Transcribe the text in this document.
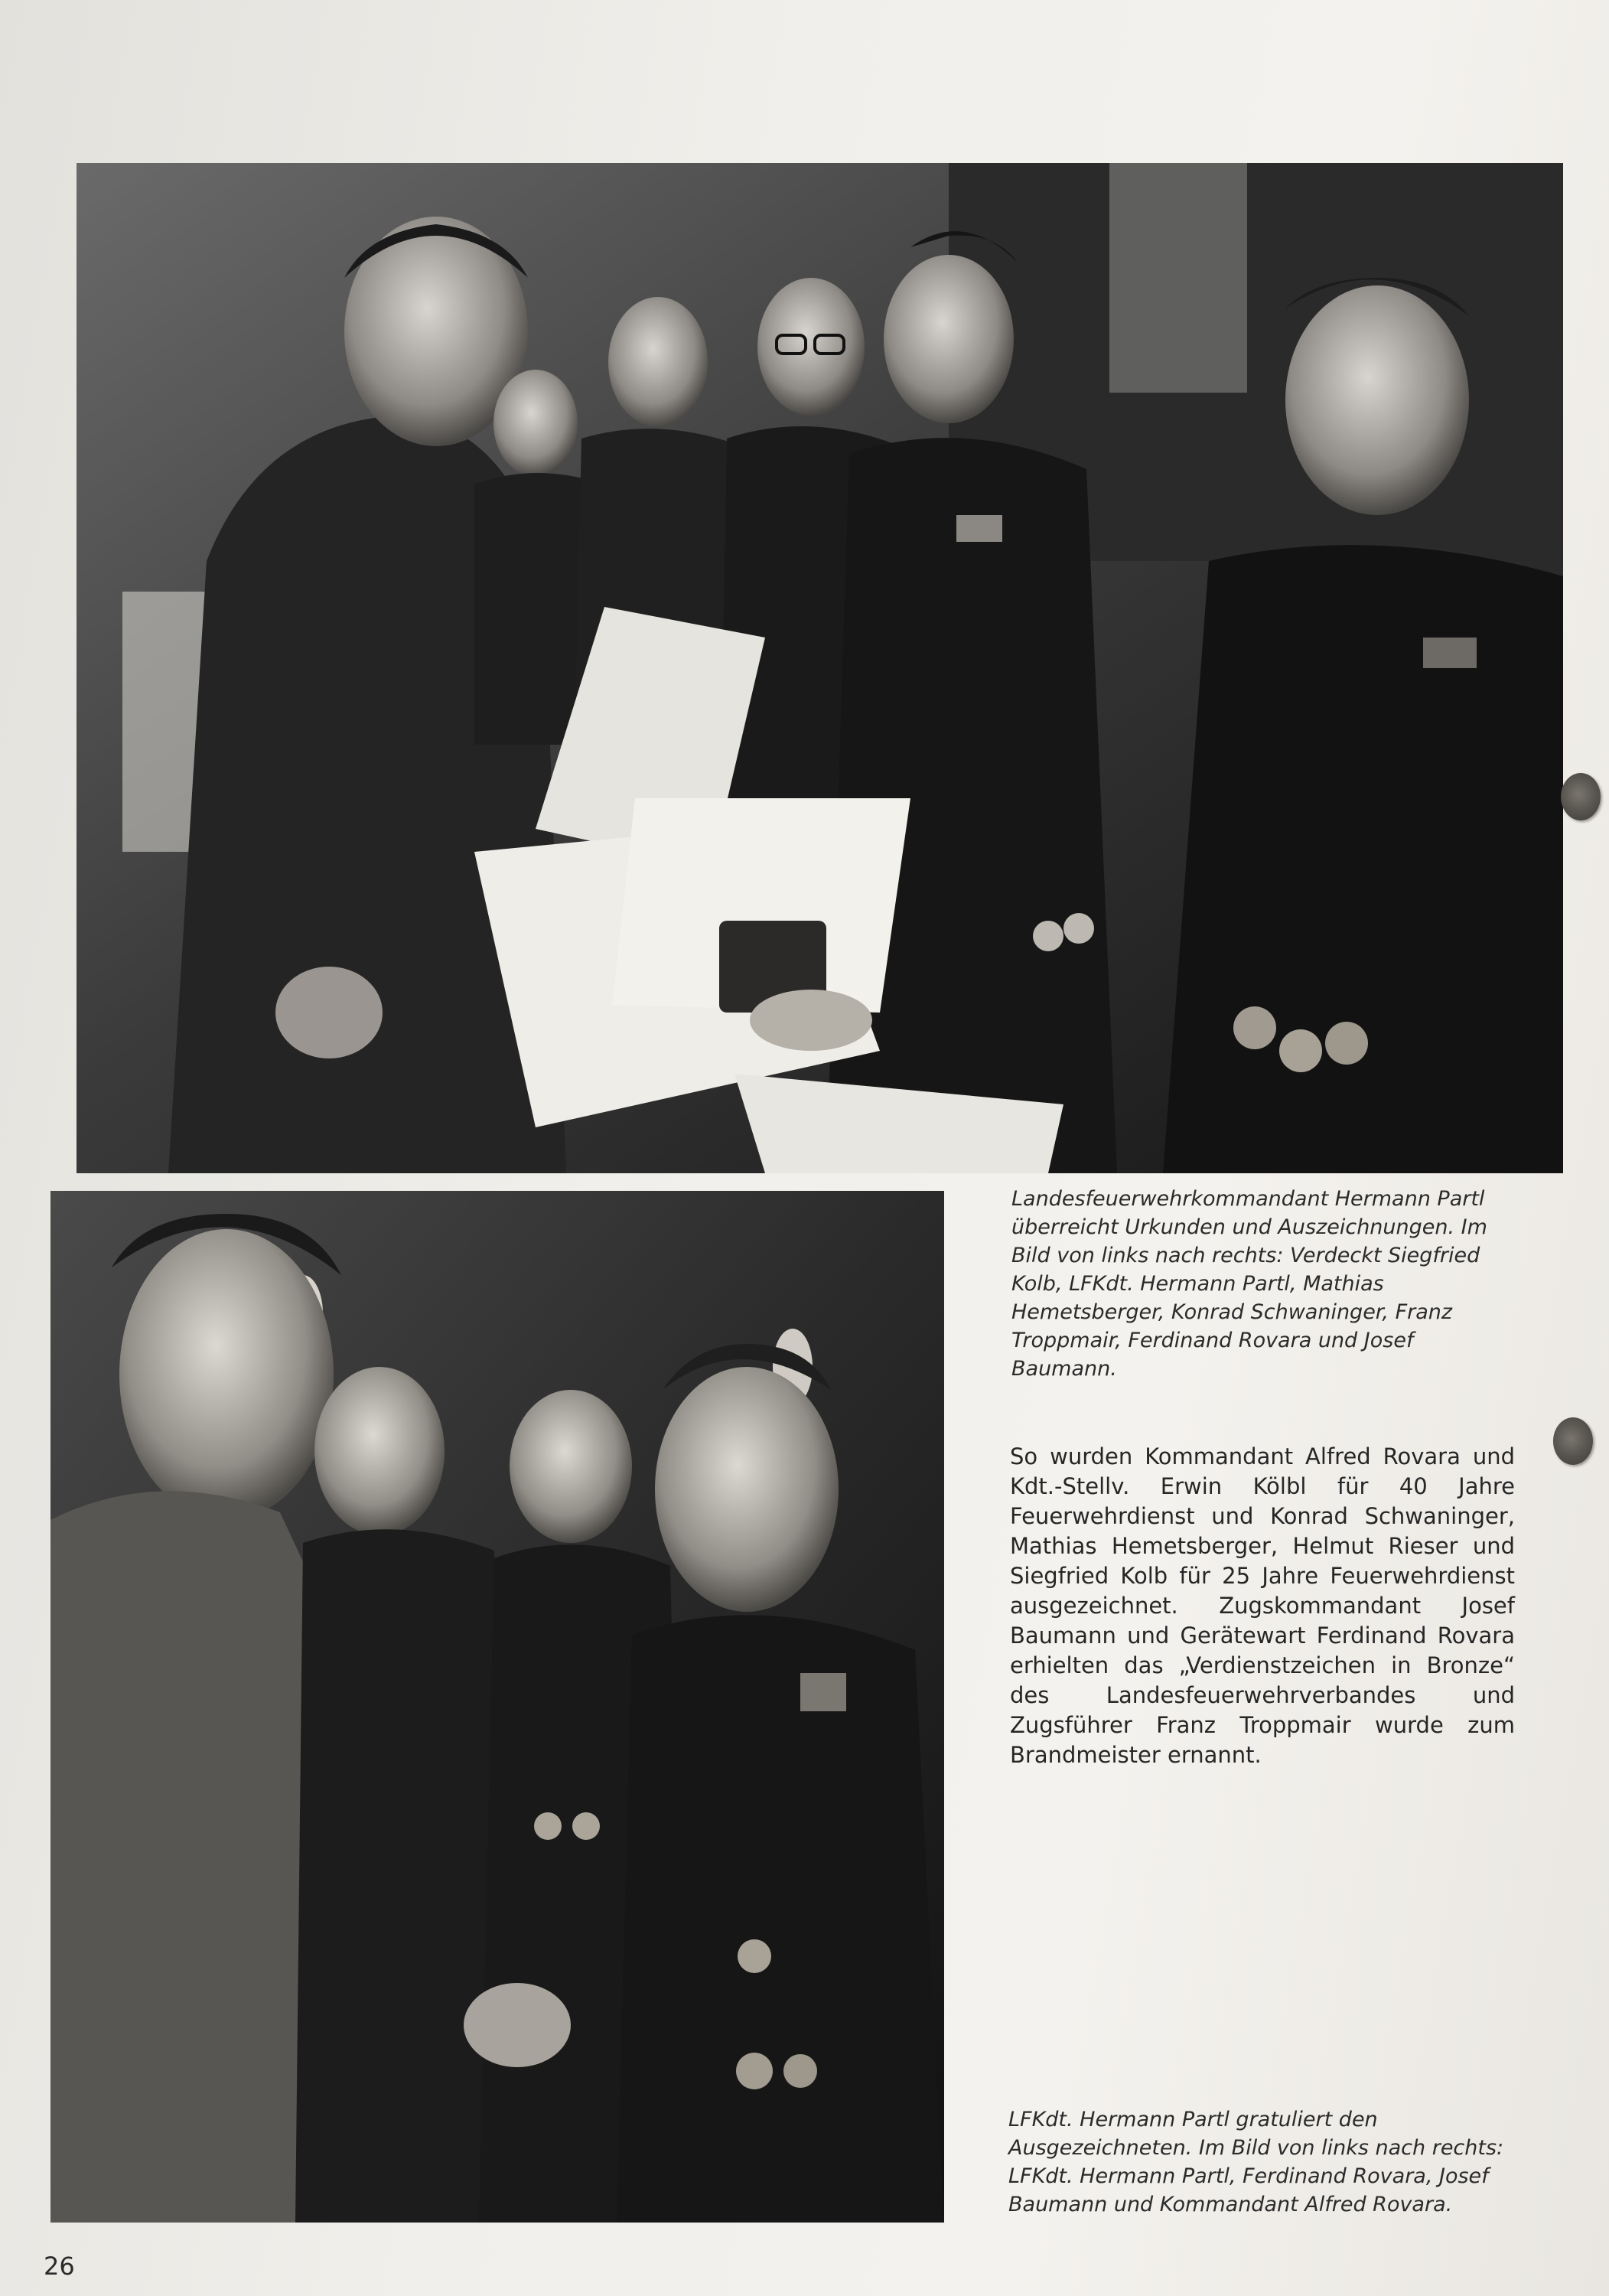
Landesfeuerwehrkommandant Hermann Partl überreicht Urkunden und Auszeichnungen. Im Bild von links nach rechts: Verdeckt Siegfried Kolb, LFKdt. Hermann Partl, Mathias Hemetsberger, Konrad Schwaninger, Franz Troppmair, Ferdinand Rovara und Josef Baumann.

So wurden Kommandant Alfred Rovara und Kdt.-Stellv. Erwin Kölbl für 40 Jahre Feuerwehrdienst und Konrad Schwaninger, Mathias Hemetsberger, Helmut Rieser und Siegfried Kolb für 25 Jahre Feuerwehrdienst ausgezeichnet. Zugskommandant Josef Baumann und Gerätewart Ferdinand Rovara erhielten das „Verdienstzeichen in Bronze“ des Landesfeuerwehrverbandes und Zugsführer Franz Troppmair wurde zum Brandmeister ernannt.

LFKdt. Hermann Partl gratuliert den Ausgezeichneten. Im Bild von links nach rechts: LFKdt. Hermann Partl, Ferdinand Rovara, Josef Baumann und Kommandant Alfred Rovara.

26
